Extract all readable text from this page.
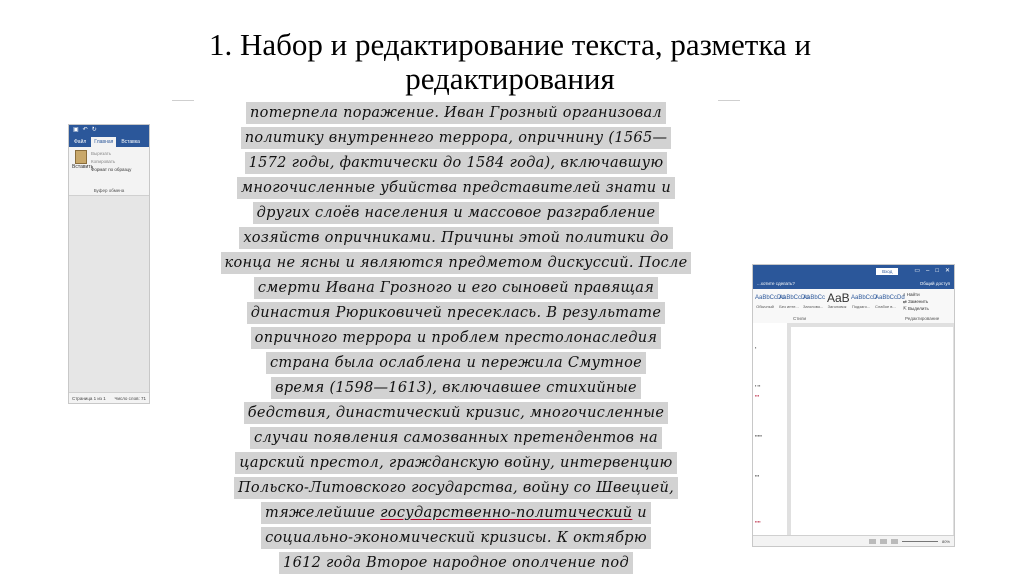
1. Набор и редактирование текста, разметка и
редактирования
▣ ↶ ↻
Файл	Главная	Вставка
Вставить
Вырезать
Копировать
Формат по образцу
Буфер обмена
Страница 1 из 1 Число слов: 71
потерпела поражение. Иван Грозный организовал
политику внутреннего террора, опричнину (1565—
1572 годы, фактически до 1584 года), включавшую
многочисленные убийства представителей знати и
других слоёв населения и массовое разграбление
хозяйств опричниками. Причины этой политики до
конца не ясны и являются предметом дискуссий. После
смерти Ивана Грозного и его сыновей правящая
династия Рюриковичей пресеклась. В результате
опричного террора и проблем престолонаследия
страна была ослаблена и пережила Смутное
время (1598—1613), включавшее стихийные
бедствия, династический кризис, многочисленные
случаи появления самозванных претендентов на
царский престол, гражданскую войну, интервенцию
Польско-Литовского государства, войну со Швецией,
тяжелейшие государственно-политический и
социально-экономический кризисы. К октябрю
1612 года Второе народное ополчение под
Вход	▭ – □ ✕
...хотите сделать?	Общий доступ
AaBbCcDd
Обычный
AaBbCcDd
Без инте...
AaBbCc
Заголово...
AaB
Заголовок
AaBbCcD
Подзаго...
AaBbCcDd
Слабое в...
Стили
⌕ Найти
⇄ Заменить
⇱ Выделить
Редактирование
▪
▪ ▪▪
▪▪▪
▪▪▪▪▪
▪▪▪
▪▪▪▪
80%
